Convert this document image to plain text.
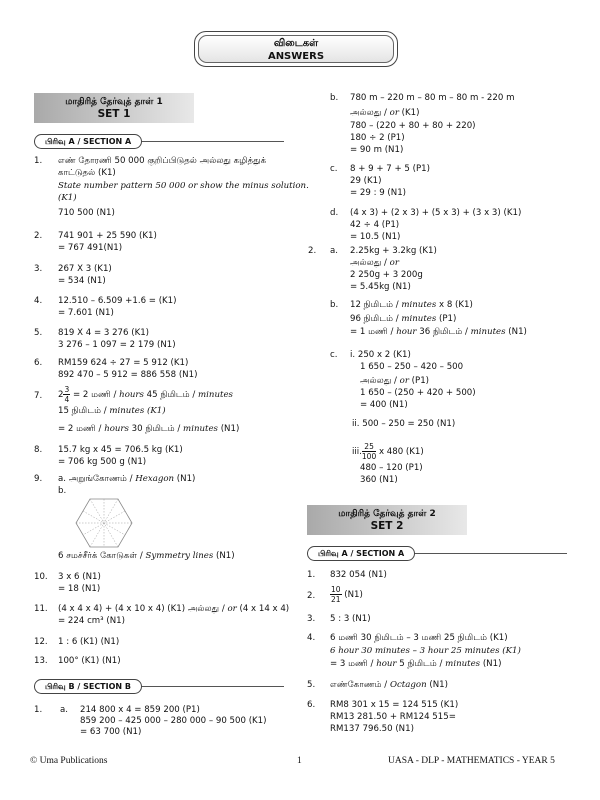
விடைகள்
ANSWERS
மாதிரித் தேர்வுத் தாள் 1
SET 1
பிரிவு A / SECTION A
1.	எண் தோரணி 50 000 குறிப்பிடுதல் அல்லது கழித்துக்
காட்டுதல் (K1)
State number pattern 50 000 or show the minus solution.
(K1)
710 500 (N1)
2.	741 901 + 25 590 (K1)
= 767 491(N1)
3.	267 X 3 (K1)
= 534 (N1)
4.	12.510 – 6.509 +1.6 = (K1)
= 7.601 (N1)
5.	819 X 4 = 3 276 (K1)
3 276 – 1 097 = 2 179 (N1)
6.	RM159 624 ÷ 27 = 5 912 (K1)
892 470 – 5 912 = 886 558 (N1)
7.	$2 \frac{3}{4} = 2$ மணி / hours 45 நிமிடம் / minutes
15 நிமிடம் / minutes (K1)
= 2 மணி / hours 30 நிமிடம் / minutes (N1)
8.	15.7 kg x 45 = 706.5 kg (K1)
= 706 kg 500 g (N1)
9.	a. அறுங்கோணம் / Hexagon (N1)
b.
6 சமச்சீர்க் கோடுகள் / Symmetry lines (N1)
10.	3 x 6 (N1)
= 18 (N1)
11.	(4 x 4 x 4) + (4 x 10 x 4) (K1) அல்லது / or (4 x 14 x 4)
= 224 cm³ (N1)
12.	1 : 6 (K1) (N1)
13.	100° (K1) (N1)
பிரிவு B / SECTION B
1.	a. 214 800 x 4 = 859 200 (P1)
859 200 – 425 000 – 280 000 – 90 500 (K1)
= 63 700 (N1)
b. 780 m – 220 m – 80 m – 80 m - 220 m
அல்லது / or (K1)
780 – (220 + 80 + 80 + 220)
180 ÷ 2 (P1)
= 90 m (N1)
c. 8 + 9 + 7 + 5 (P1)
29 (K1)
= 29 : 9 (N1)
d. (4 x 3) + (2 x 3) + (5 x 3) + (3 x 3) (K1)
42 ÷ 4 (P1)
= 10.5 (N1)
2. a. 2.25kg + 3.2kg (K1)
அல்லது / or
2 250g + 3 200g
= 5.45kg (N1)
b. 12 நிமிடம் / minutes x 8 (K1)
96 நிமிடம் / minutes (P1)
= 1 மணி / hour 36 நிமிடம் / minutes (N1)
c. i. 250 x 2 (K1)
1 650 – 250 – 420 – 500
அல்லது / or (P1)
1 650 – (250 + 420 + 500)
= 400 (N1)
ii. 500 – 250 = 250 (N1)
iii. $\frac{25}{100}$ x 480 (K1)
480 – 120 (P1)
360 (N1)
மாதிரித் தேர்வுத் தாள் 2
SET 2
பிரிவு A / SECTION A
1. 832 054 (N1)
2. $\frac{10}{21} (N1)$
3. 5 : 3 (N1)
4. 6 மணி 30 நிமிடம் – 3 மணி 25 நிமிடம் (K1)
6 hour 30 minutes – 3 hour 25 minutes (K1)
= 3 மணி / hour 5 நிமிடம் / minutes (N1)
5. எண்கோணம் / Octagon (N1)
6. RM8 301 x 15 = 124 515 (K1)
RM13 281.50 + RM124 515=
RM137 796.50 (N1)
© Uma Publications	1	UASA - DLP - MATHEMATICS - YEAR 5
